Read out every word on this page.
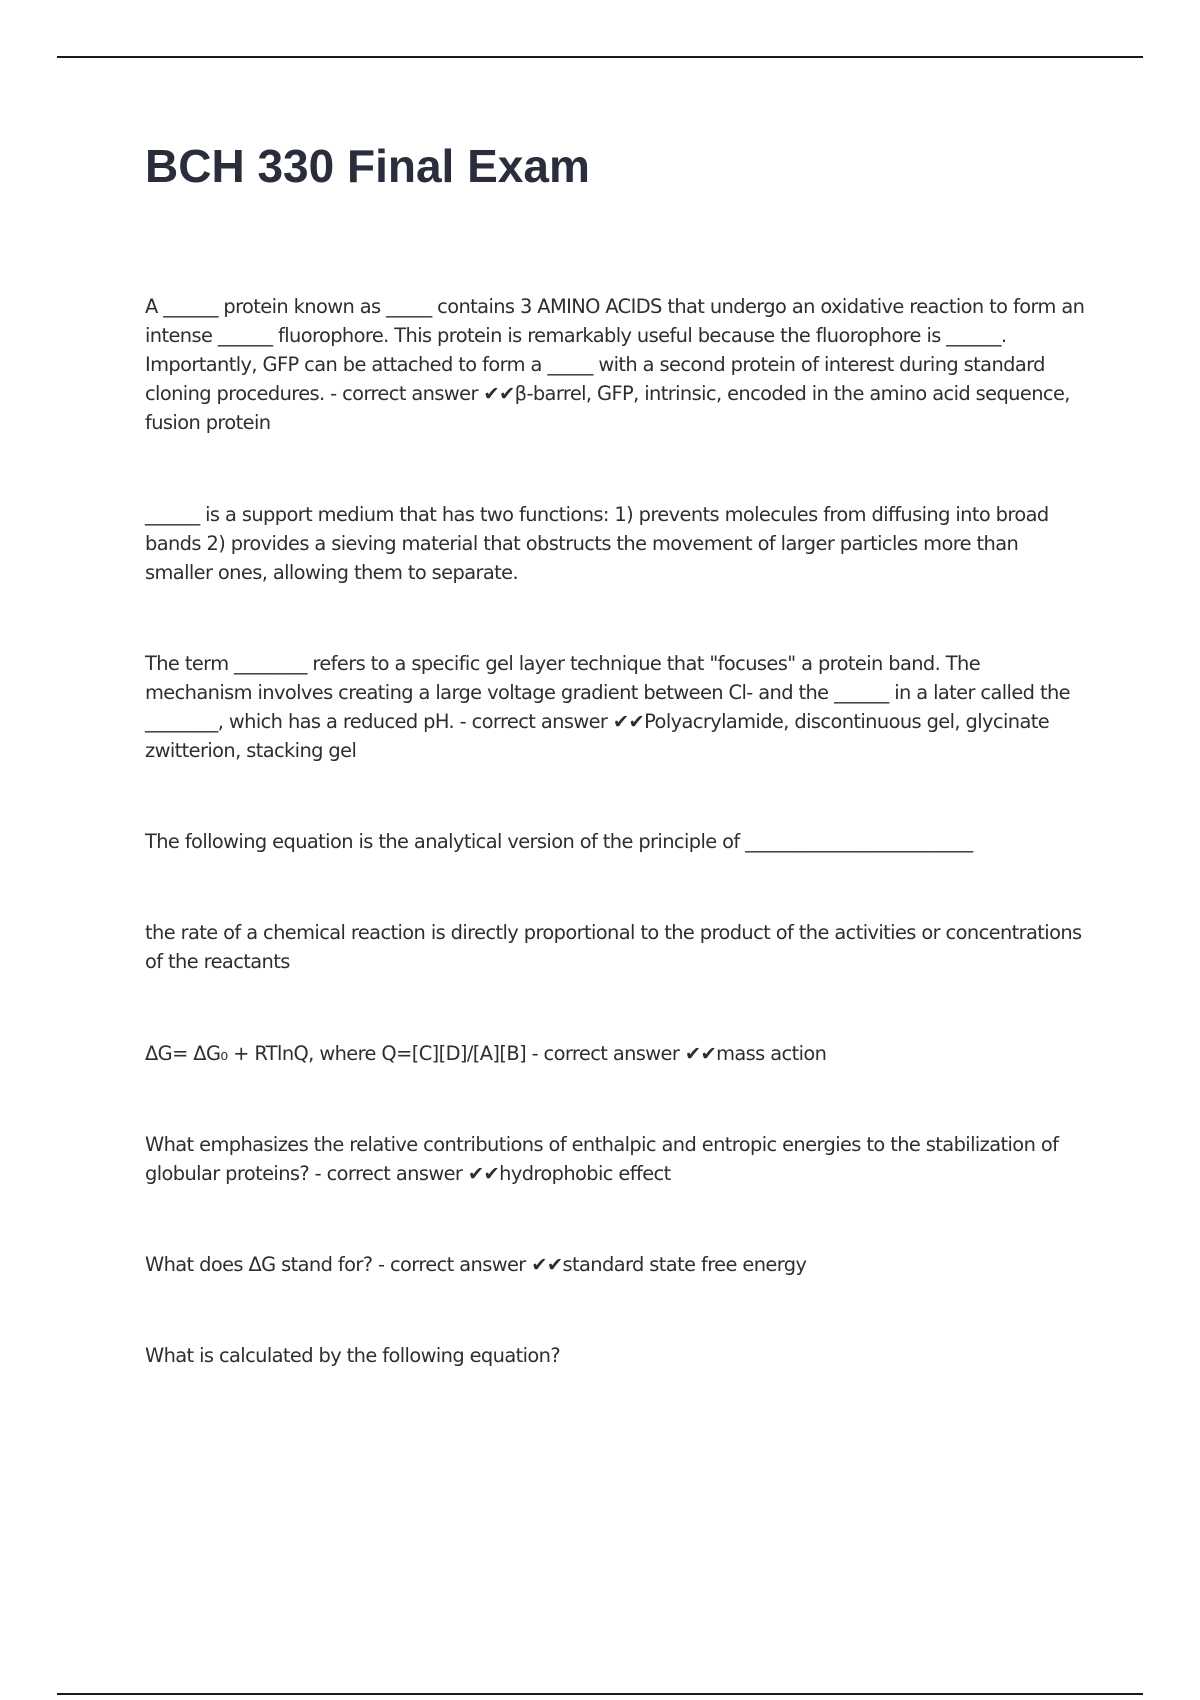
BCH 330 Final Exam

A ______ protein known as _____ contains 3 AMINO ACIDS that undergo an oxidative reaction to form an intense ______ fluorophore. This protein is remarkably useful because the fluorophore is ______. Importantly, GFP can be attached to form a _____ with a second protein of interest during standard cloning procedures. - correct answer ✔✔β-barrel, GFP, intrinsic, encoded in the amino acid sequence, fusion protein

______ is a support medium that has two functions: 1) prevents molecules from diffusing into broad bands 2) provides a sieving material that obstructs the movement of larger particles more than smaller ones, allowing them to separate.

The term ________ refers to a specific gel layer technique that "focuses" a protein band. The mechanism involves creating a large voltage gradient between Cl- and the ______ in a later called the ________, which has a reduced pH. - correct answer ✔✔Polyacrylamide, discontinuous gel, glycinate zwitterion, stacking gel

The following equation is the analytical version of the principle of _________________________

the rate of a chemical reaction is directly proportional to the product of the activities or concentrations of the reactants

ΔG= ΔG₀ + RTlnQ, where Q=[C][D]/[A][B] - correct answer ✔✔mass action

What emphasizes the relative contributions of enthalpic and entropic energies to the stabilization of globular proteins? - correct answer ✔✔hydrophobic effect

What does ΔG stand for? - correct answer ✔✔standard state free energy

What is calculated by the following equation?
